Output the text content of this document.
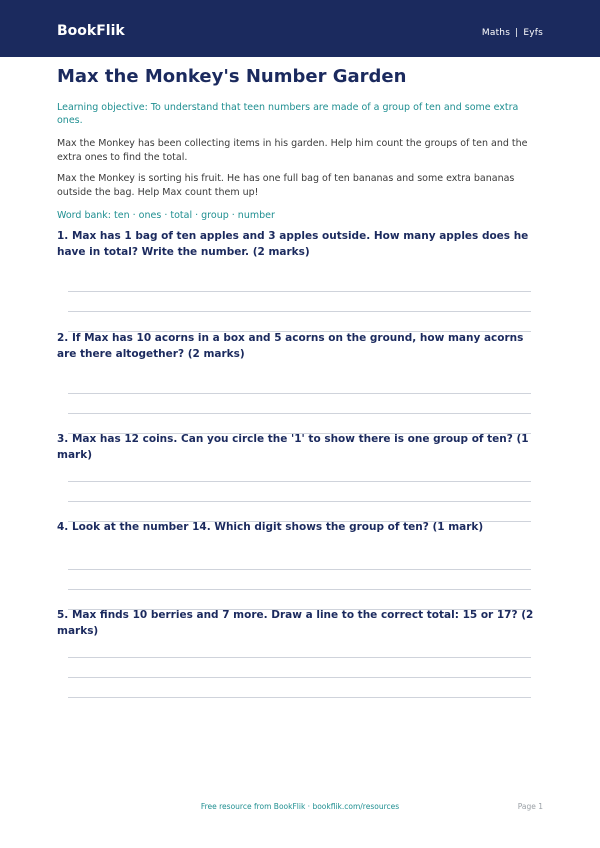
BookFlik	Maths | Eyfs
Max the Monkey's Number Garden
Learning objective: To understand that teen numbers are made of a group of ten and some extra ones.
Max the Monkey has been collecting items in his garden. Help him count the groups of ten and the extra ones to find the total.
Max the Monkey is sorting his fruit. He has one full bag of ten bananas and some extra bananas outside the bag. Help Max count them up!
Word bank: ten · ones · total · group · number
1. Max has 1 bag of ten apples and 3 apples outside. How many apples does he have in total? Write the number. (2 marks)
2. If Max has 10 acorns in a box and 5 acorns on the ground, how many acorns are there altogether? (2 marks)
3. Max has 12 coins. Can you circle the '1' to show there is one group of ten? (1 mark)
4. Look at the number 14. Which digit shows the group of ten? (1 mark)
5. Max finds 10 berries and 7 more. Draw a line to the correct total: 15 or 17? (2 marks)
Free resource from BookFlik · bookflik.com/resources	Page 1
